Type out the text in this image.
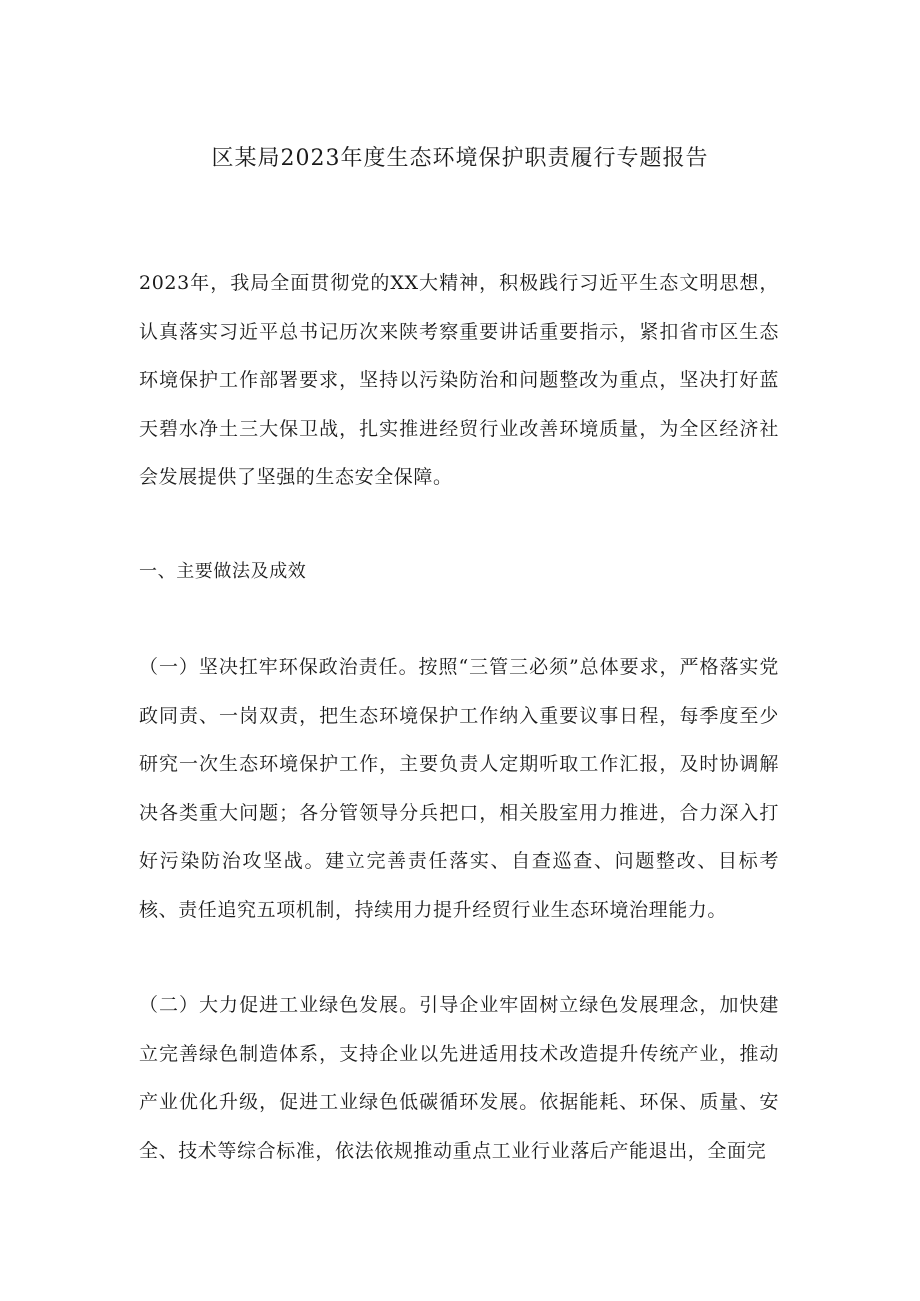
区某局2023年度生态环境保护职责履行专题报告

2023年，我局全面贯彻党的XX大精神，积极践行习近平生态文明思想，认真落实习近平总书记历次来陕考察重要讲话重要指示，紧扣省市区生态环境保护工作部署要求，坚持以污染防治和问题整改为重点，坚决打好蓝天碧水净土三大保卫战，扎实推进经贸行业改善环境质量，为全区经济社会发展提供了坚强的生态安全保障。

一、主要做法及成效

（一）坚决扛牢环保政治责任。按照“三管三必须”总体要求，严格落实党政同责、一岗双责，把生态环境保护工作纳入重要议事日程，每季度至少研究一次生态环境保护工作，主要负责人定期听取工作汇报，及时协调解决各类重大问题；各分管领导分兵把口，相关股室用力推进，合力深入打好污染防治攻坚战。建立完善责任落实、自查巡查、问题整改、目标考核、责任追究五项机制，持续用力提升经贸行业生态环境治理能力。

（二）大力促进工业绿色发展。引导企业牢固树立绿色发展理念，加快建立完善绿色制造体系，支持企业以先进适用技术改造提升传统产业，推动产业优化升级，促进工业绿色低碳循环发展。依据能耗、环保、质量、安全、技术等综合标准，依法依规推动重点工业行业落后产能退出，全面完
